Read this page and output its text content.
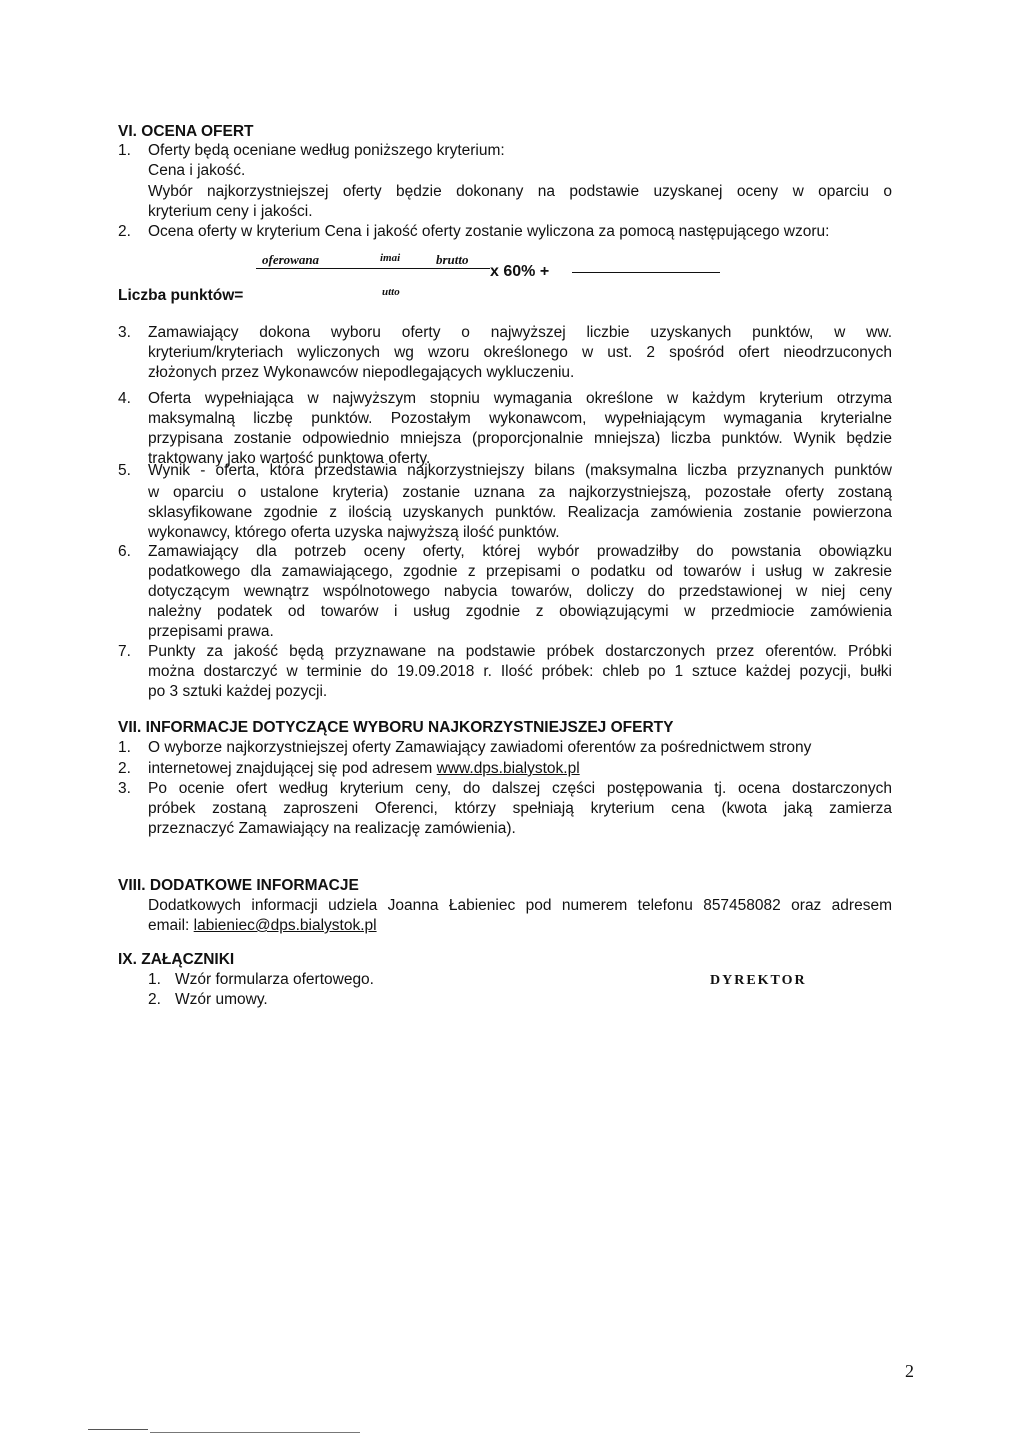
VI. OCENA OFERT
1. Oferty będą oceniane według poniższego kryterium:
Cena i jakość.
Wybór najkorzystniejszej oferty będzie dokonany na podstawie uzyskanej oceny w oparciu o
kryterium ceny i jakości.
2. Ocena oferty w kryterium Cena i jakość oferty zostanie wyliczona za pomocą następującego wzoru:
oferowana	imai	brutto
x 60% +
Liczba punktów=	utto
3. Zamawiający dokona wyboru oferty o najwyższej liczbie uzyskanych punktów, w ww.
kryterium/kryteriach wyliczonych wg wzoru określonego w ust. 2 spośród ofert nieodrzuconych
złożonych przez Wykonawców niepodlegających wykluczeniu.
4. Oferta wypełniająca w najwyższym stopniu wymagania określone w każdym kryterium otrzyma
maksymalną liczbę punktów. Pozostałym wykonawcom, wypełniającym wymagania kryterialne
przypisana zostanie odpowiednio mniejsza (proporcjonalnie mniejsza) liczba punktów. Wynik będzie
traktowany jako wartość punktowa oferty.
5. Wynik - oferta, która przedstawia najkorzystniejszy bilans (maksymalna liczba przyznanych punktów
w oparciu o ustalone kryteria) zostanie uznana za najkorzystniejszą, pozostałe oferty zostaną
sklasyfikowane zgodnie z ilością uzyskanych punktów. Realizacja zamówienia zostanie powierzona
wykonawcy, którego oferta uzyska najwyższą ilość punktów.
6. Zamawiający dla potrzeb oceny oferty, której wybór prowadziłby do powstania obowiązku
podatkowego dla zamawiającego, zgodnie z przepisami o podatku od towarów i usług w zakresie
dotyczącym wewnątrz wspólnotowego nabycia towarów, doliczy do przedstawionej w niej ceny
należny podatek od towarów i usług zgodnie z obowiązującymi w przedmiocie zamówienia
przepisami prawa.
7. Punkty za jakość będą przyznawane na podstawie próbek dostarczonych przez oferentów. Próbki
można dostarczyć w terminie do 19.09.2018 r. Ilość próbek: chleb po 1 sztuce każdej pozycji, bułki
po 3 sztuki każdej pozycji.
VII. INFORMACJE DOTYCZĄCE WYBORU NAJKORZYSTNIEJSZEJ OFERTY
1. O wyborze najkorzystniejszej oferty Zamawiający zawiadomi oferentów za pośrednictwem strony
2. internetowej znajdującej się pod adresem www.dps.bialystok.pl
3. Po ocenie ofert według kryterium ceny, do dalszej części postępowania tj. ocena dostarczonych
próbek zostaną zaproszeni Oferenci, którzy spełniają kryterium cena (kwota jaką zamierza
przeznaczyć Zamawiający na realizację zamówienia).
VIII. DODATKOWE INFORMACJE
Dodatkowych informacji udziela Joanna Łabieniec pod numerem telefonu 857458082 oraz adresem
email: labieniec@dps.bialystok.pl
IX. ZAŁĄCZNIKI
1. Wzór formularza ofertowego.
2. Wzór umowy.
DYREKTOR
2
